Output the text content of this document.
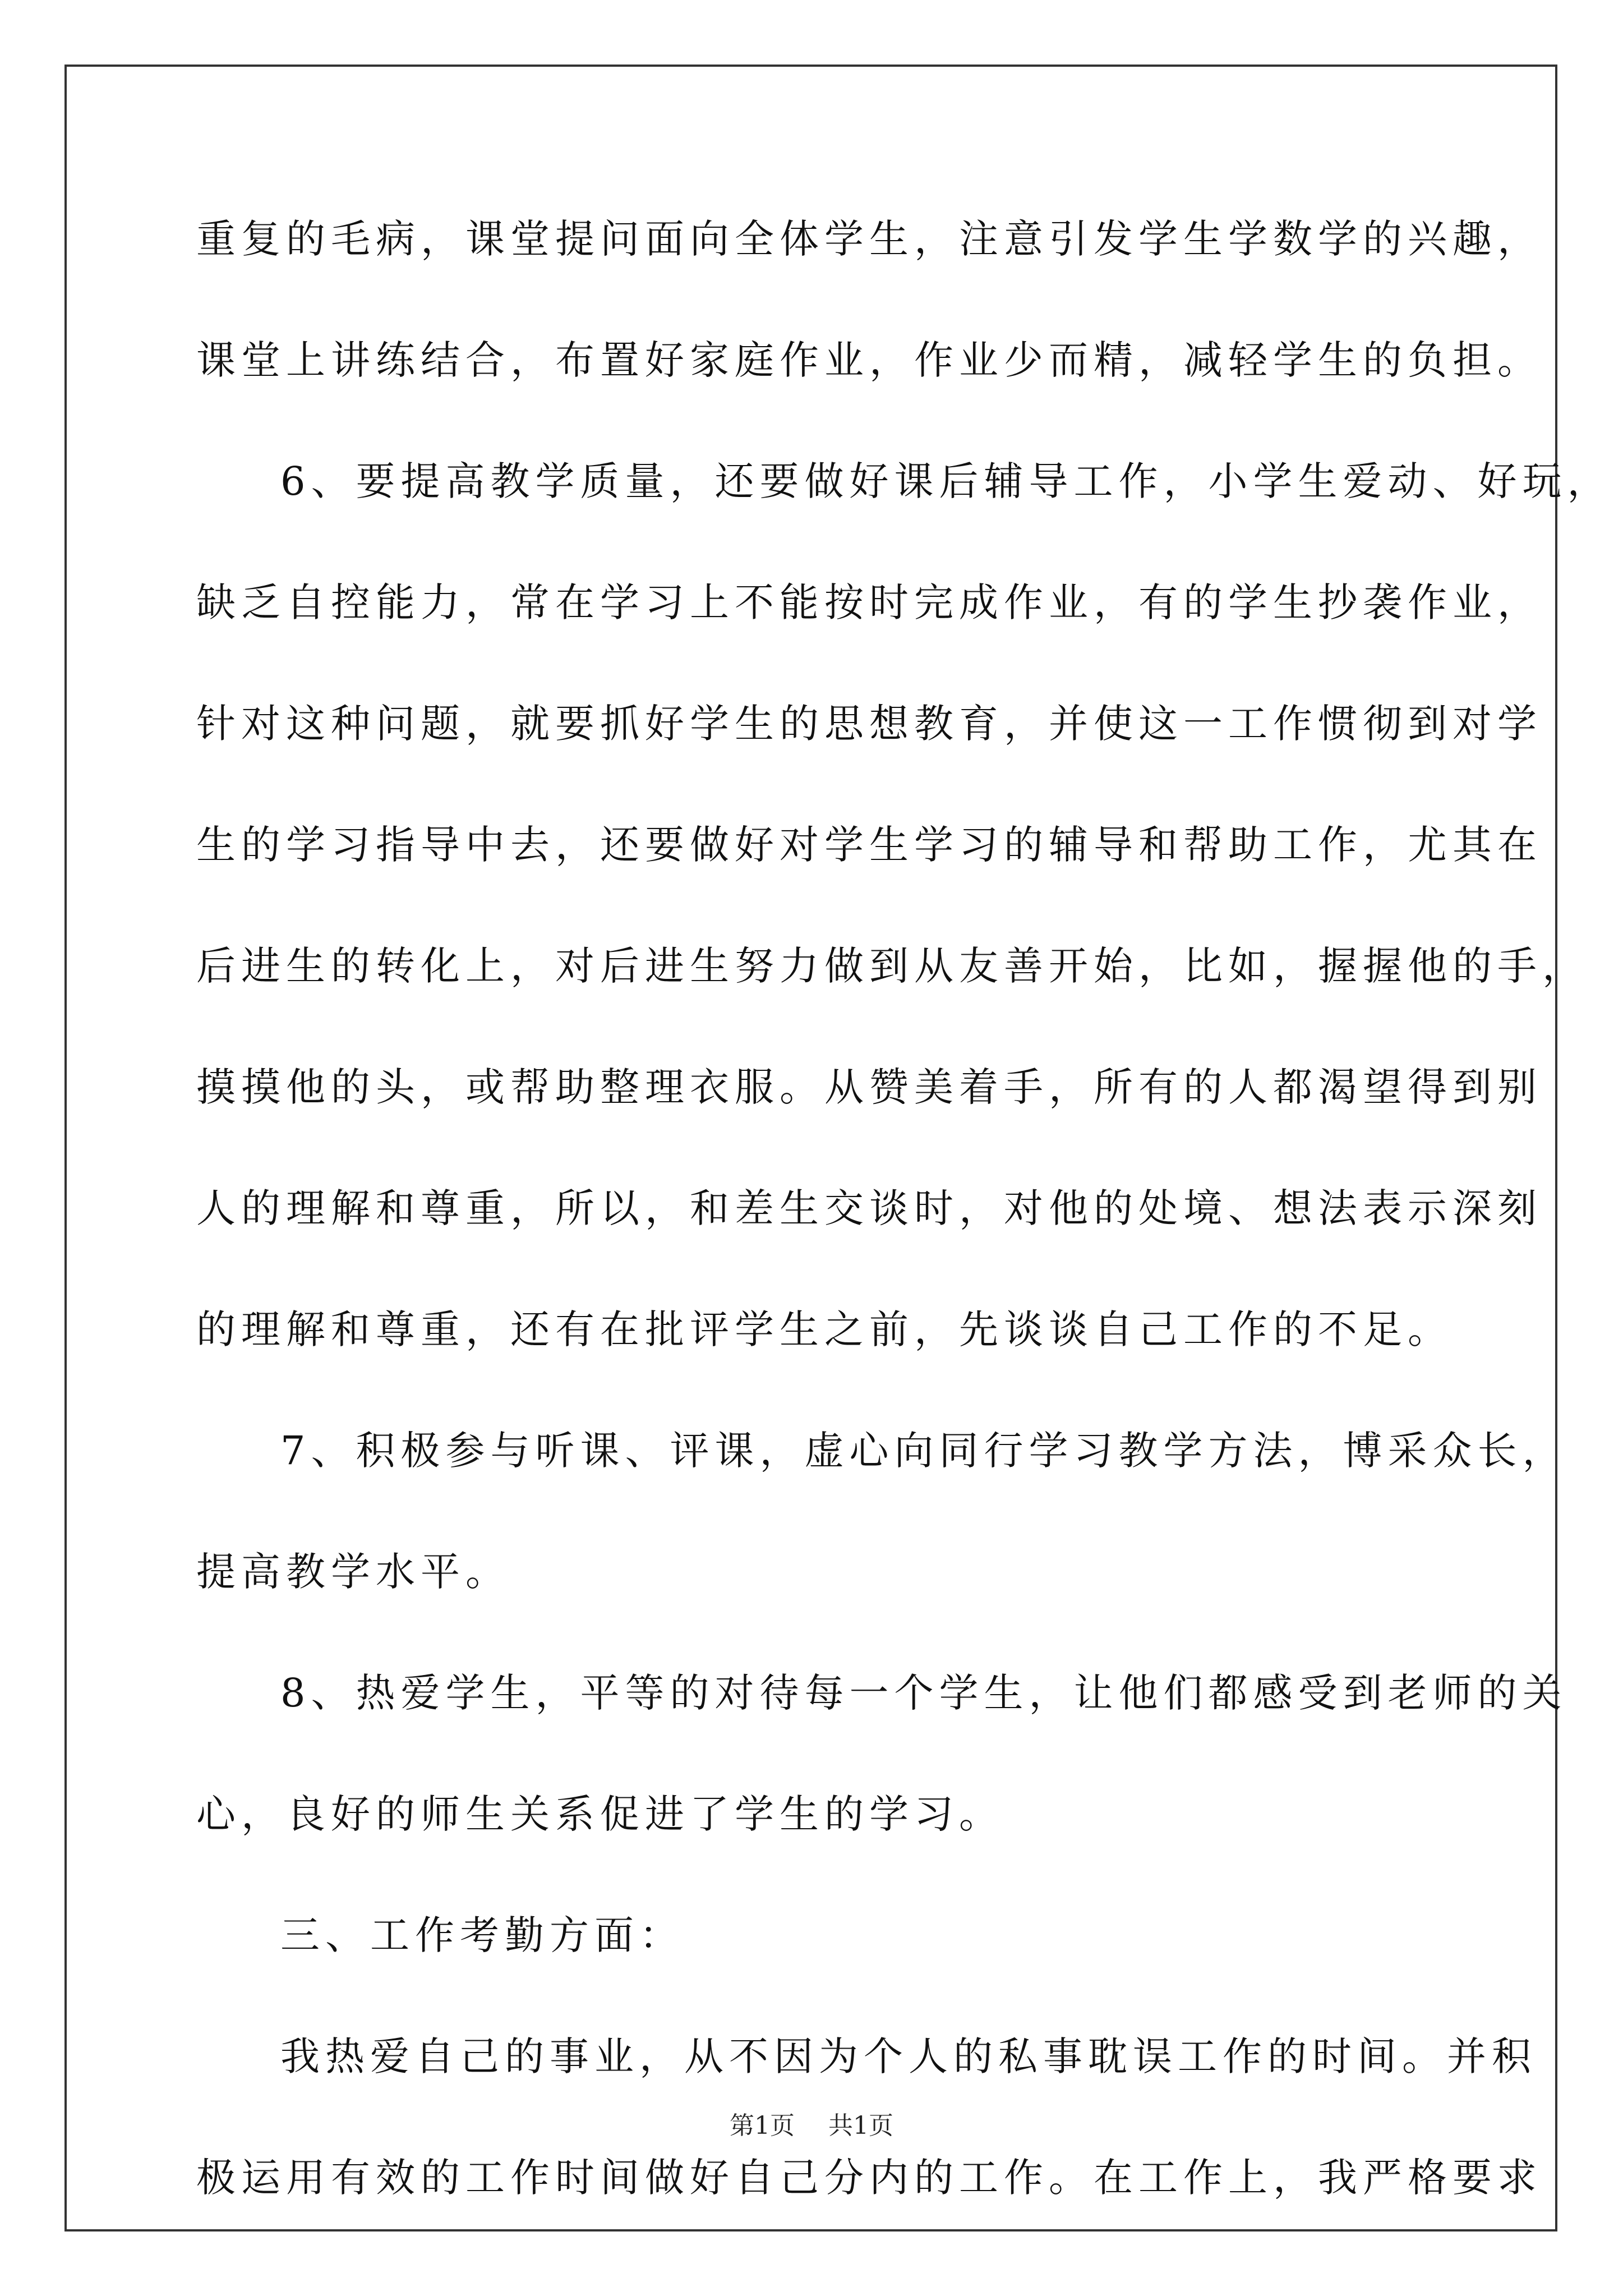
重复的毛病，课堂提问面向全体学生，注意引发学生学数学的兴趣，
课堂上讲练结合，布置好家庭作业，作业少而精，减轻学生的负担。
6、要提高教学质量，还要做好课后辅导工作，小学生爱动、好玩，
缺乏自控能力，常在学习上不能按时完成作业，有的学生抄袭作业，
针对这种问题，就要抓好学生的思想教育，并使这一工作惯彻到对学
生的学习指导中去，还要做好对学生学习的辅导和帮助工作，尤其在
后进生的转化上，对后进生努力做到从友善开始，比如，握握他的手，
摸摸他的头，或帮助整理衣服。从赞美着手，所有的人都渴望得到别
人的理解和尊重，所以，和差生交谈时，对他的处境、想法表示深刻
的理解和尊重，还有在批评学生之前，先谈谈自己工作的不足。
7、积极参与听课、评课，虚心向同行学习教学方法，博采众长，
提高教学水平。
8、热爱学生，平等的对待每一个学生，让他们都感受到老师的关
心，良好的师生关系促进了学生的学习。
三、工作考勤方面：
我热爱自己的事业，从不因为个人的私事耽误工作的时间。并积
极运用有效的工作时间做好自己分内的工作。在工作上，我严格要求
第1页 共1页
